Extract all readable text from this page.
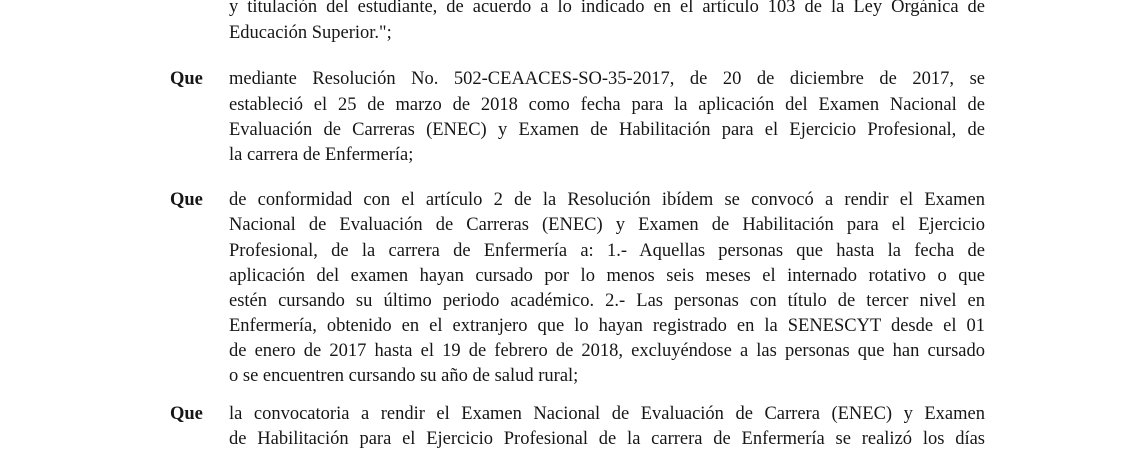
y titulación del estudiante, de acuerdo a lo indicado en el artículo 103 de la Ley Orgánica de
Educación Superior.";
Que mediante Resolución No. 502-CEAACES-SO-35-2017, de 20 de diciembre de 2017, se
estableció el 25 de marzo de 2018 como fecha para la aplicación del Examen Nacional de
Evaluación de Carreras (ENEC) y Examen de Habilitación para el Ejercicio Profesional, de
la carrera de Enfermería;
Que de conformidad con el artículo 2 de la Resolución ibídem se convocó a rendir el Examen
Nacional de Evaluación de Carreras (ENEC) y Examen de Habilitación para el Ejercicio
Profesional, de la carrera de Enfermería a: 1.- Aquellas personas que hasta la fecha de
aplicación del examen hayan cursado por lo menos seis meses el internado rotativo o que
estén cursando su último periodo académico. 2.- Las personas con título de tercer nivel en
Enfermería, obtenido en el extranjero que lo hayan registrado en la SENESCYT desde el 01
de enero de 2017 hasta el 19 de febrero de 2018, excluyéndose a las personas que han cursado
o se encuentren cursando su año de salud rural;
Que la convocatoria a rendir el Examen Nacional de Evaluación de Carrera (ENEC) y Examen
de Habilitación para el Ejercicio Profesional de la carrera de Enfermería se realizó los días
